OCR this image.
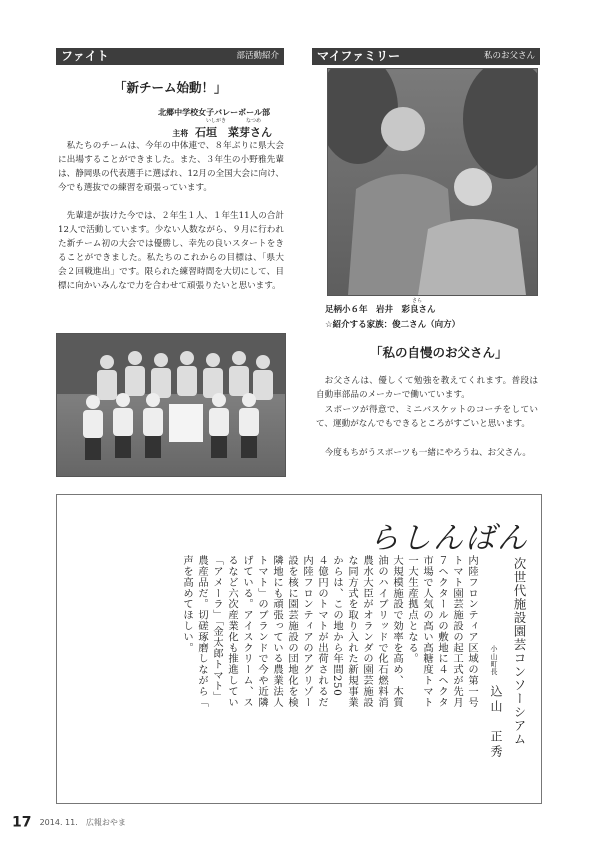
ファイト	部活動紹介
「新チーム始動！」
北郷中学校女子バレーボール部
いしがき	なつめ
主将 石垣　菜芽さん
私たちのチームは、今年の中体連で、８年ぶりに県大会に出場することができました。また、３年生の小野雅先輩は、静岡県の代表選手に選ばれ、12月の全国大会に向け、今でも選抜での練習を頑張っています。
先輩達が抜けた今では、２年生１人、１年生11人の合計12人で活動しています。少ない人数ながら、９月に行われた新チーム初の大会では優勝し、幸先の良いスタートをきることができました。私たちのこれからの目標は、「県大会２回戦進出」です。限られた練習時間を大切にして、目標に向かいみんなで力を合わせて頑張りたいと思います。
マイファミリー	私のお父さん
さら
足柄小６年　岩井　彩良さん
☆紹介する家族：俊二さん（向方）
「私の自慢のお父さん」
お父さんは、優しくて勉強を教えてくれます。普段は自動車部品のメーカーで働いています。
スポーツが得意で、ミニバスケットのコーチをしていて、運動がなんでもできるところがすごいと思います。
今度もちがうスポーツも一緒にやろうね、お父さん。
らしんばん
次世代施設園芸コンソーシアム
小山町長
込山　正秀
内陸フロンティア区域の第一号
トマト園芸施設の起工式が先月
７ヘクタールの敷地に４ヘクタ
市場で人気の高い高糖度トマト
一大生産拠点となる。
大規模施設で効率を高め、木質
油のハイブリッドで化石燃料消
農水大臣がオランダの園芸施設
な同方式を取り入れた新規事業
からは、この地から年間250
４億円のトマトが出荷されるだ
内陸フロンティアのアグリゾー
設を核に園芸施設の団地化を検
隣地にも頑張っている農業法人
トマト」のブランドで今や近隣
げている。アイスクリーム、ス
るなど六次産業化も推進してい
「アメーラ」「金太郎トマト」
農産品だ。切磋琢磨しながら「
声を高めてほしい。
17 2014. 11. 広報おやま
